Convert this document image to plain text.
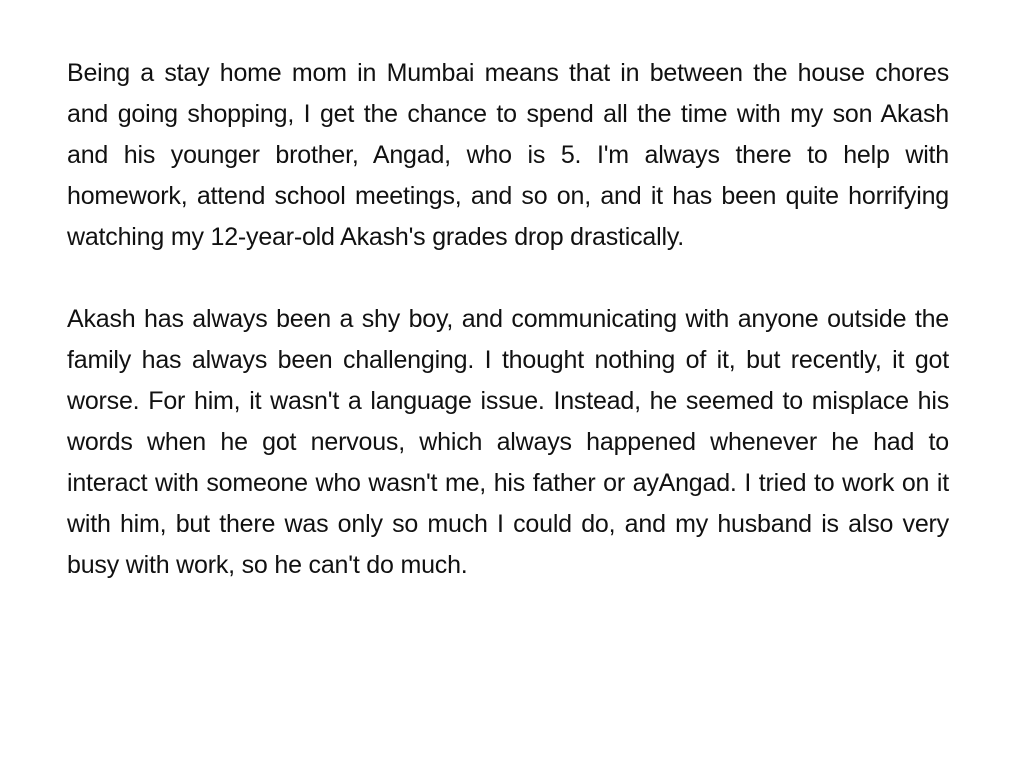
Being a stay home mom in Mumbai means that in between the house chores and going shopping, I get the chance to spend all the time with my son Akash and his younger brother, Angad, who is 5. I'm always there to help with homework, attend school meetings, and so on, and it has been quite horrifying watching my 12-year-old Akash's grades drop drastically.

Akash has always been a shy boy, and communicating with anyone outside the family has always been challenging. I thought nothing of it, but recently, it got worse. For him, it wasn't a language issue. Instead, he seemed to misplace his words when he got nervous, which always happened whenever he had to interact with someone who wasn't me, his father or ayAngad. I tried to work on it with him, but there was only so much I could do, and my husband is also very busy with work, so he can't do much.
